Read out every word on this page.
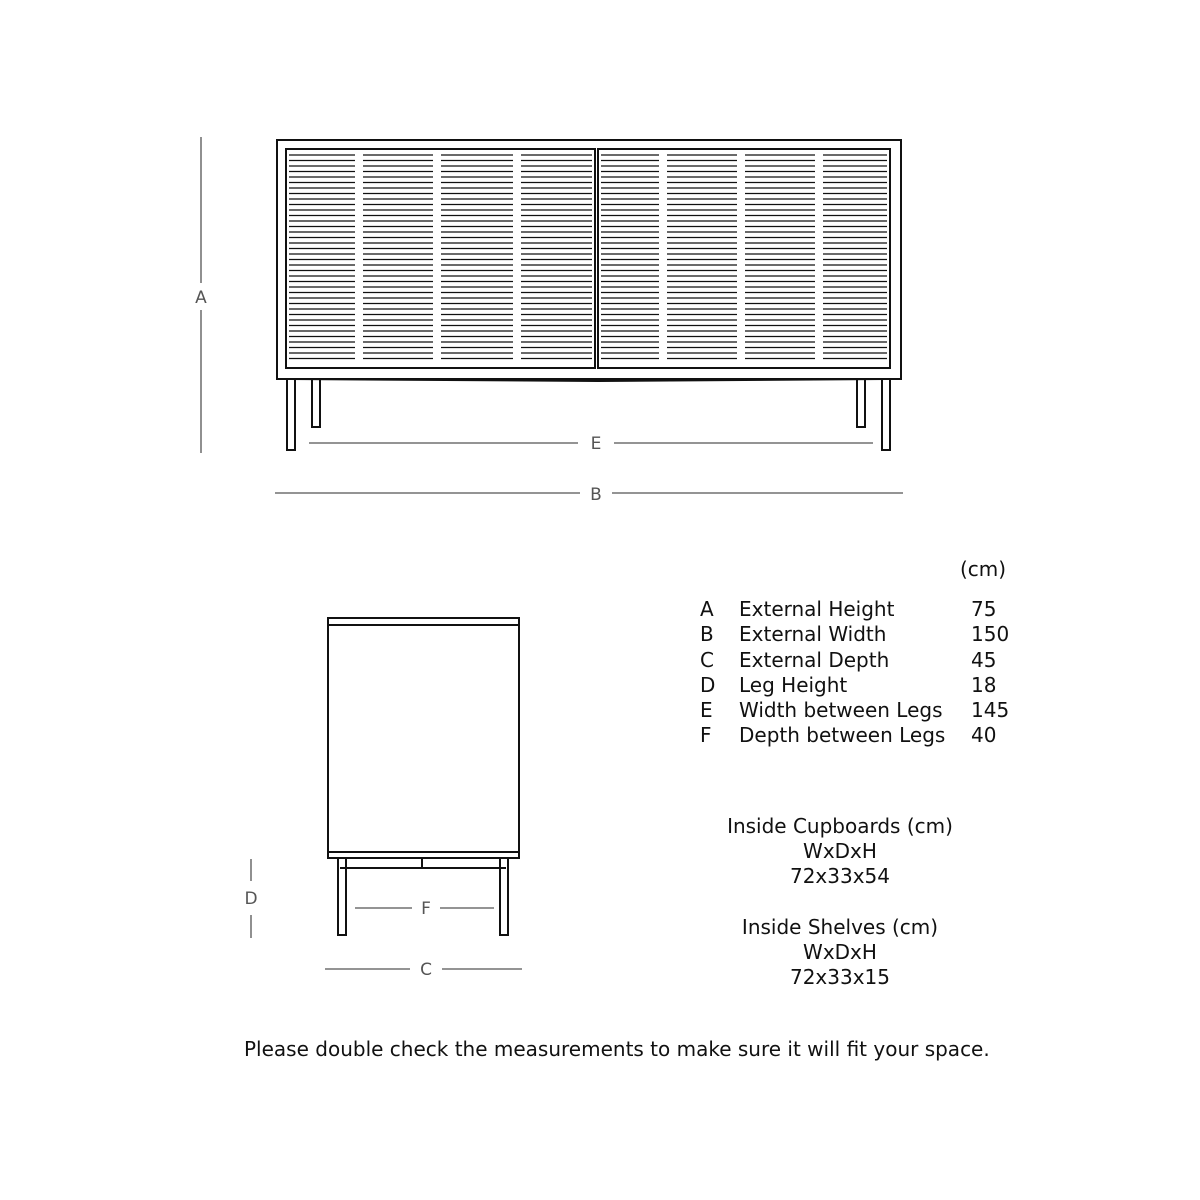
A
E
B
D	F
C
(cm)
A External Height	75
B External Width	150
C External Depth	45
D Leg Height	18
E Width between Legs 145
F Depth between Legs 40
Inside Cupboards (cm)
WxDxH
72x33x54
Inside Shelves (cm)
WxDxH
72x33x15
Please double check the measurements to make sure it will fit your space.
